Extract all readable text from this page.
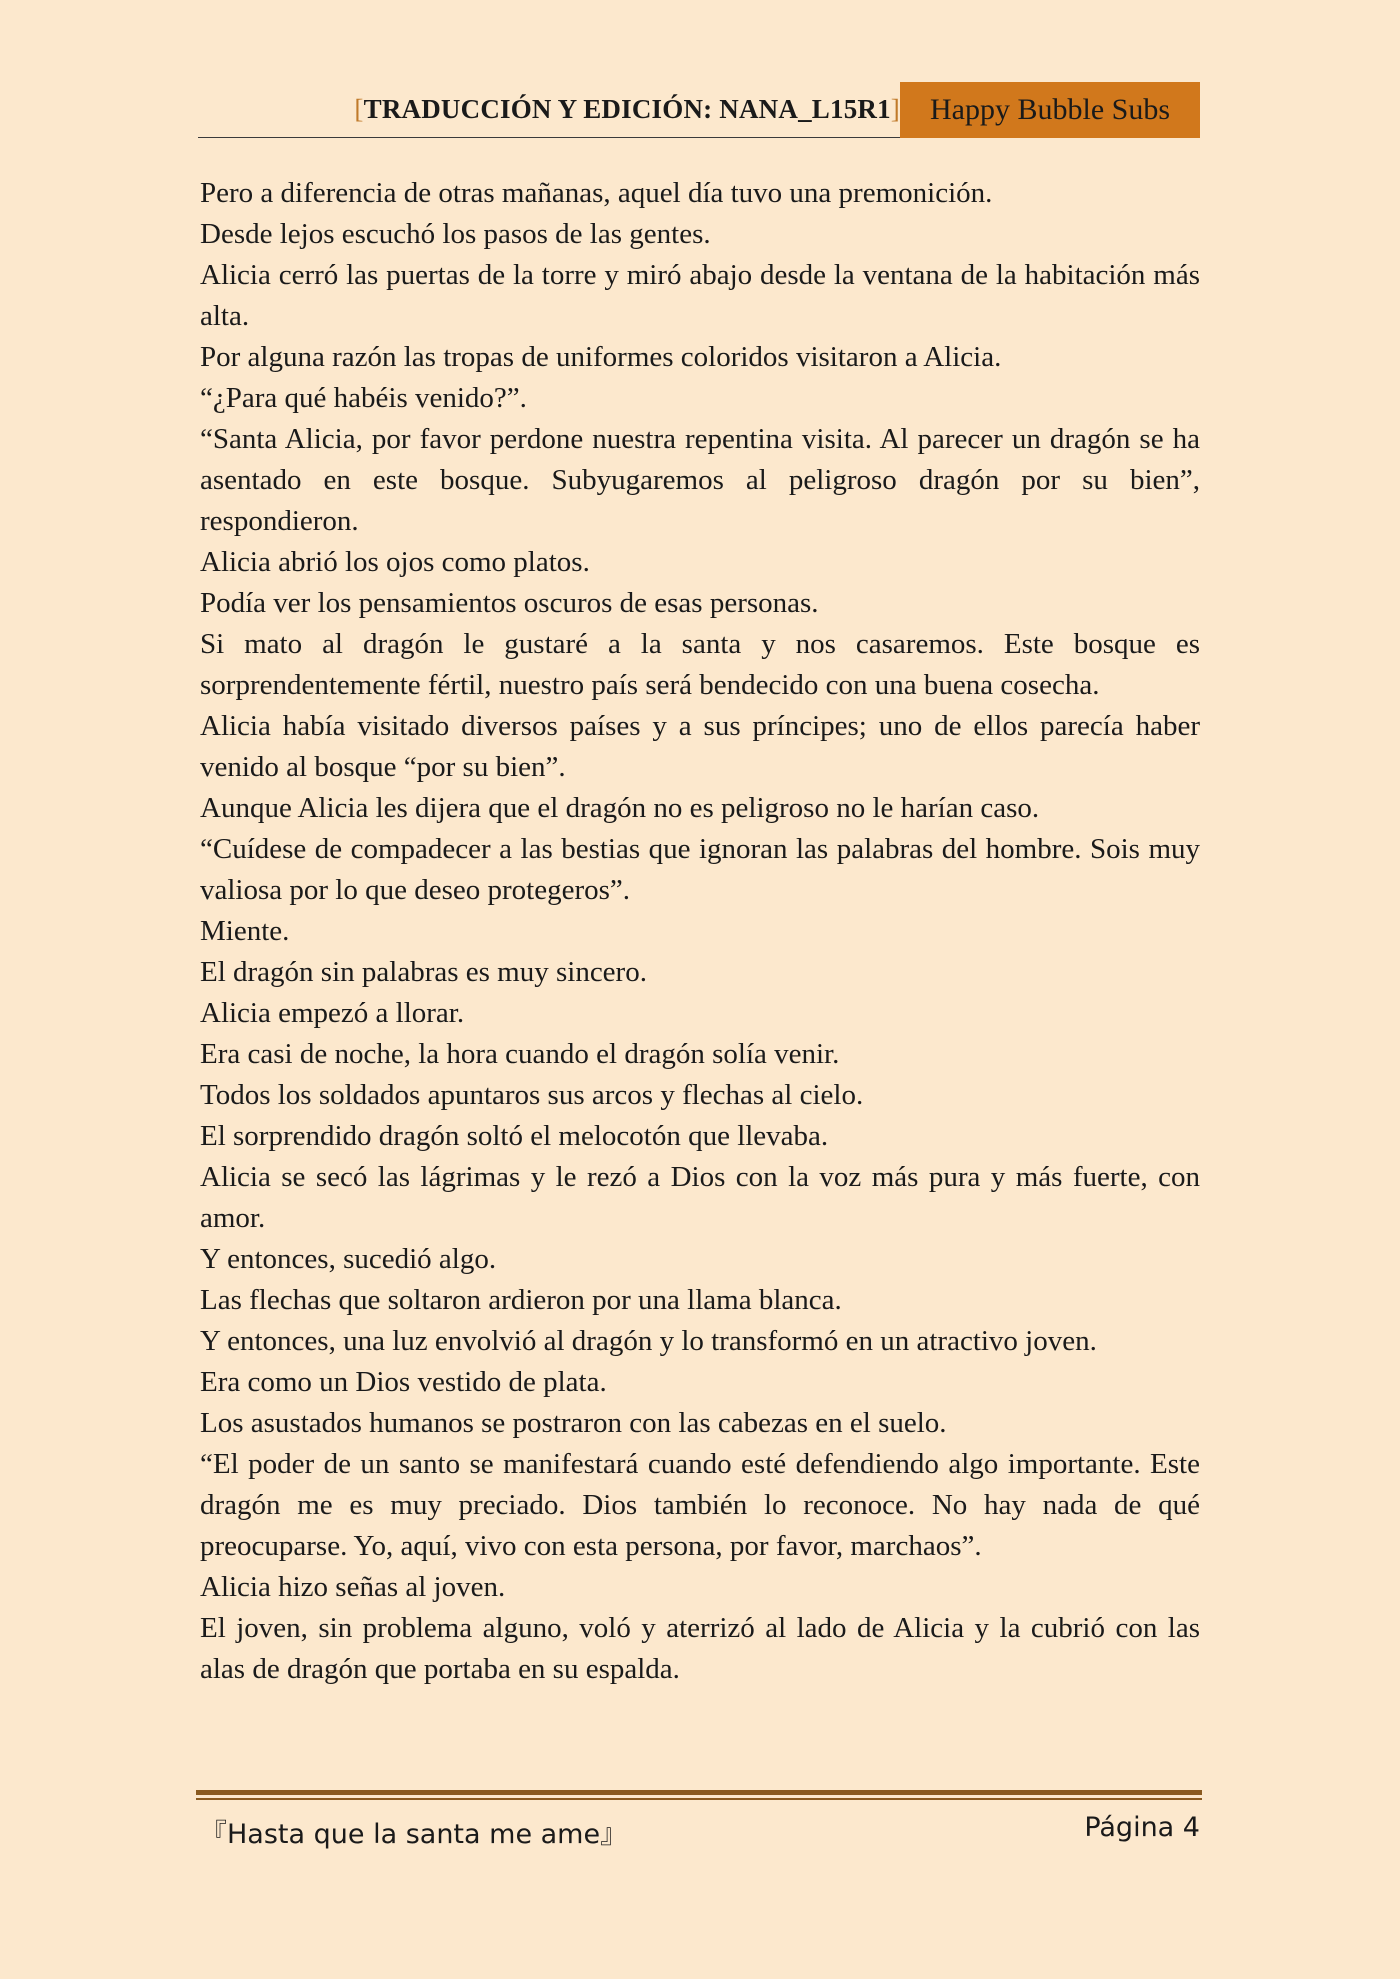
[TRADUCCIÓN Y EDICIÓN: NANA_L15R1]	Happy Bubble Subs

Pero a diferencia de otras mañanas, aquel día tuvo una premonición.

Desde lejos escuchó los pasos de las gentes.

Alicia cerró las puertas de la torre y miró abajo desde la ventana de la habitación más alta.

Por alguna razón las tropas de uniformes coloridos visitaron a Alicia.

“¿Para qué habéis venido?”.

“Santa Alicia, por favor perdone nuestra repentina visita. Al parecer un dragón se ha asentado en este bosque. Subyugaremos al peligroso dragón por su bien”, respondieron.

Alicia abrió los ojos como platos.

Podía ver los pensamientos oscuros de esas personas.

Si mato al dragón le gustaré a la santa y nos casaremos. Este bosque es sorprendentemente fértil, nuestro país será bendecido con una buena cosecha.

Alicia había visitado diversos países y a sus príncipes; uno de ellos parecía haber venido al bosque “por su bien”.

Aunque Alicia les dijera que el dragón no es peligroso no le harían caso.

“Cuídese de compadecer a las bestias que ignoran las palabras del hombre. Sois muy valiosa por lo que deseo protegeros”.

Miente.

El dragón sin palabras es muy sincero.

Alicia empezó a llorar.

Era casi de noche, la hora cuando el dragón solía venir.

Todos los soldados apuntaros sus arcos y flechas al cielo.

El sorprendido dragón soltó el melocotón que llevaba.

Alicia se secó las lágrimas y le rezó a Dios con la voz más pura y más fuerte, con amor.

Y entonces, sucedió algo.

Las flechas que soltaron ardieron por una llama blanca.

Y entonces, una luz envolvió al dragón y lo transformó en un atractivo joven.

Era como un Dios vestido de plata.

Los asustados humanos se postraron con las cabezas en el suelo.

“El poder de un santo se manifestará cuando esté defendiendo algo importante. Este dragón me es muy preciado. Dios también lo reconoce. No hay nada de qué preocuparse. Yo, aquí, vivo con esta persona, por favor, marchaos”.

Alicia hizo señas al joven.

El joven, sin problema alguno, voló y aterrizó al lado de Alicia y la cubrió con las alas de dragón que portaba en su espalda.

『Hasta que la santa me ame』	Página 4
